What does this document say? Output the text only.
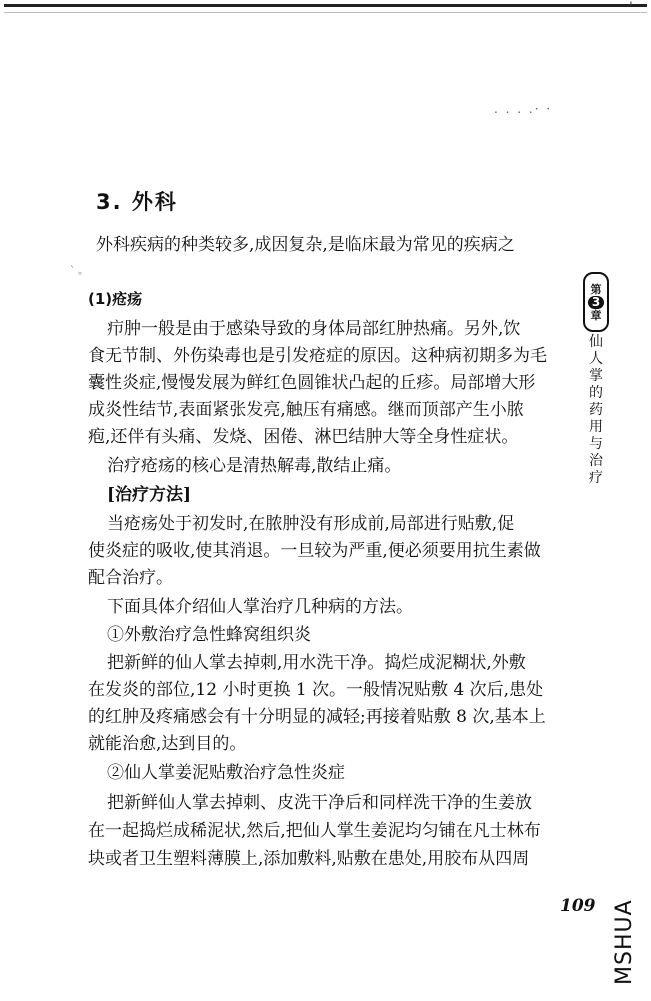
'
. . . .· ·
3. 外科
外科疾病的种类较多,成因复杂,是临床最为常见的疾病之
` 。
(1)疮疡
疖肿一般是由于感染导致的身体局部红肿热痛。另外,饮
食无节制、外伤染毒也是引发疮症的原因。这种病初期多为毛
囊性炎症,慢慢发展为鲜红色圆锥状凸起的丘疹。局部增大形
成炎性结节,表面紧张发亮,触压有痛感。继而顶部产生小脓
疱,还伴有头痛、发烧、困倦、淋巴结肿大等全身性症状。
治疗疮疡的核心是清热解毒,散结止痛。
[治疗方法]
当疮疡处于初发时,在脓肿没有形成前,局部进行贴敷,促
使炎症的吸收,使其消退。一旦较为严重,便必须要用抗生素做
配合治疗。
下面具体介绍仙人掌治疗几种病的方法。
①外敷治疗急性蜂窝组织炎
把新鲜的仙人掌去掉刺,用水洗干净。捣烂成泥糊状,外敷
在发炎的部位,12 小时更换 1 次。一般情况贴敷 4 次后,患处
的红肿及疼痛感会有十分明显的减轻;再接着贴敷 8 次,基本上
就能治愈,达到目的。
②仙人掌姜泥贴敷治疗急性炎症
把新鲜仙人掌去掉刺、皮洗干净后和同样洗干净的生姜放
在一起捣烂成稀泥状,然后,把仙人掌生姜泥均匀铺在凡士林布
块或者卫生塑料薄膜上,添加敷料,贴敷在患处,用胶布从四周
第
3
章
仙
人
掌
的
药
用
与
治
疗
109 MSHUA
